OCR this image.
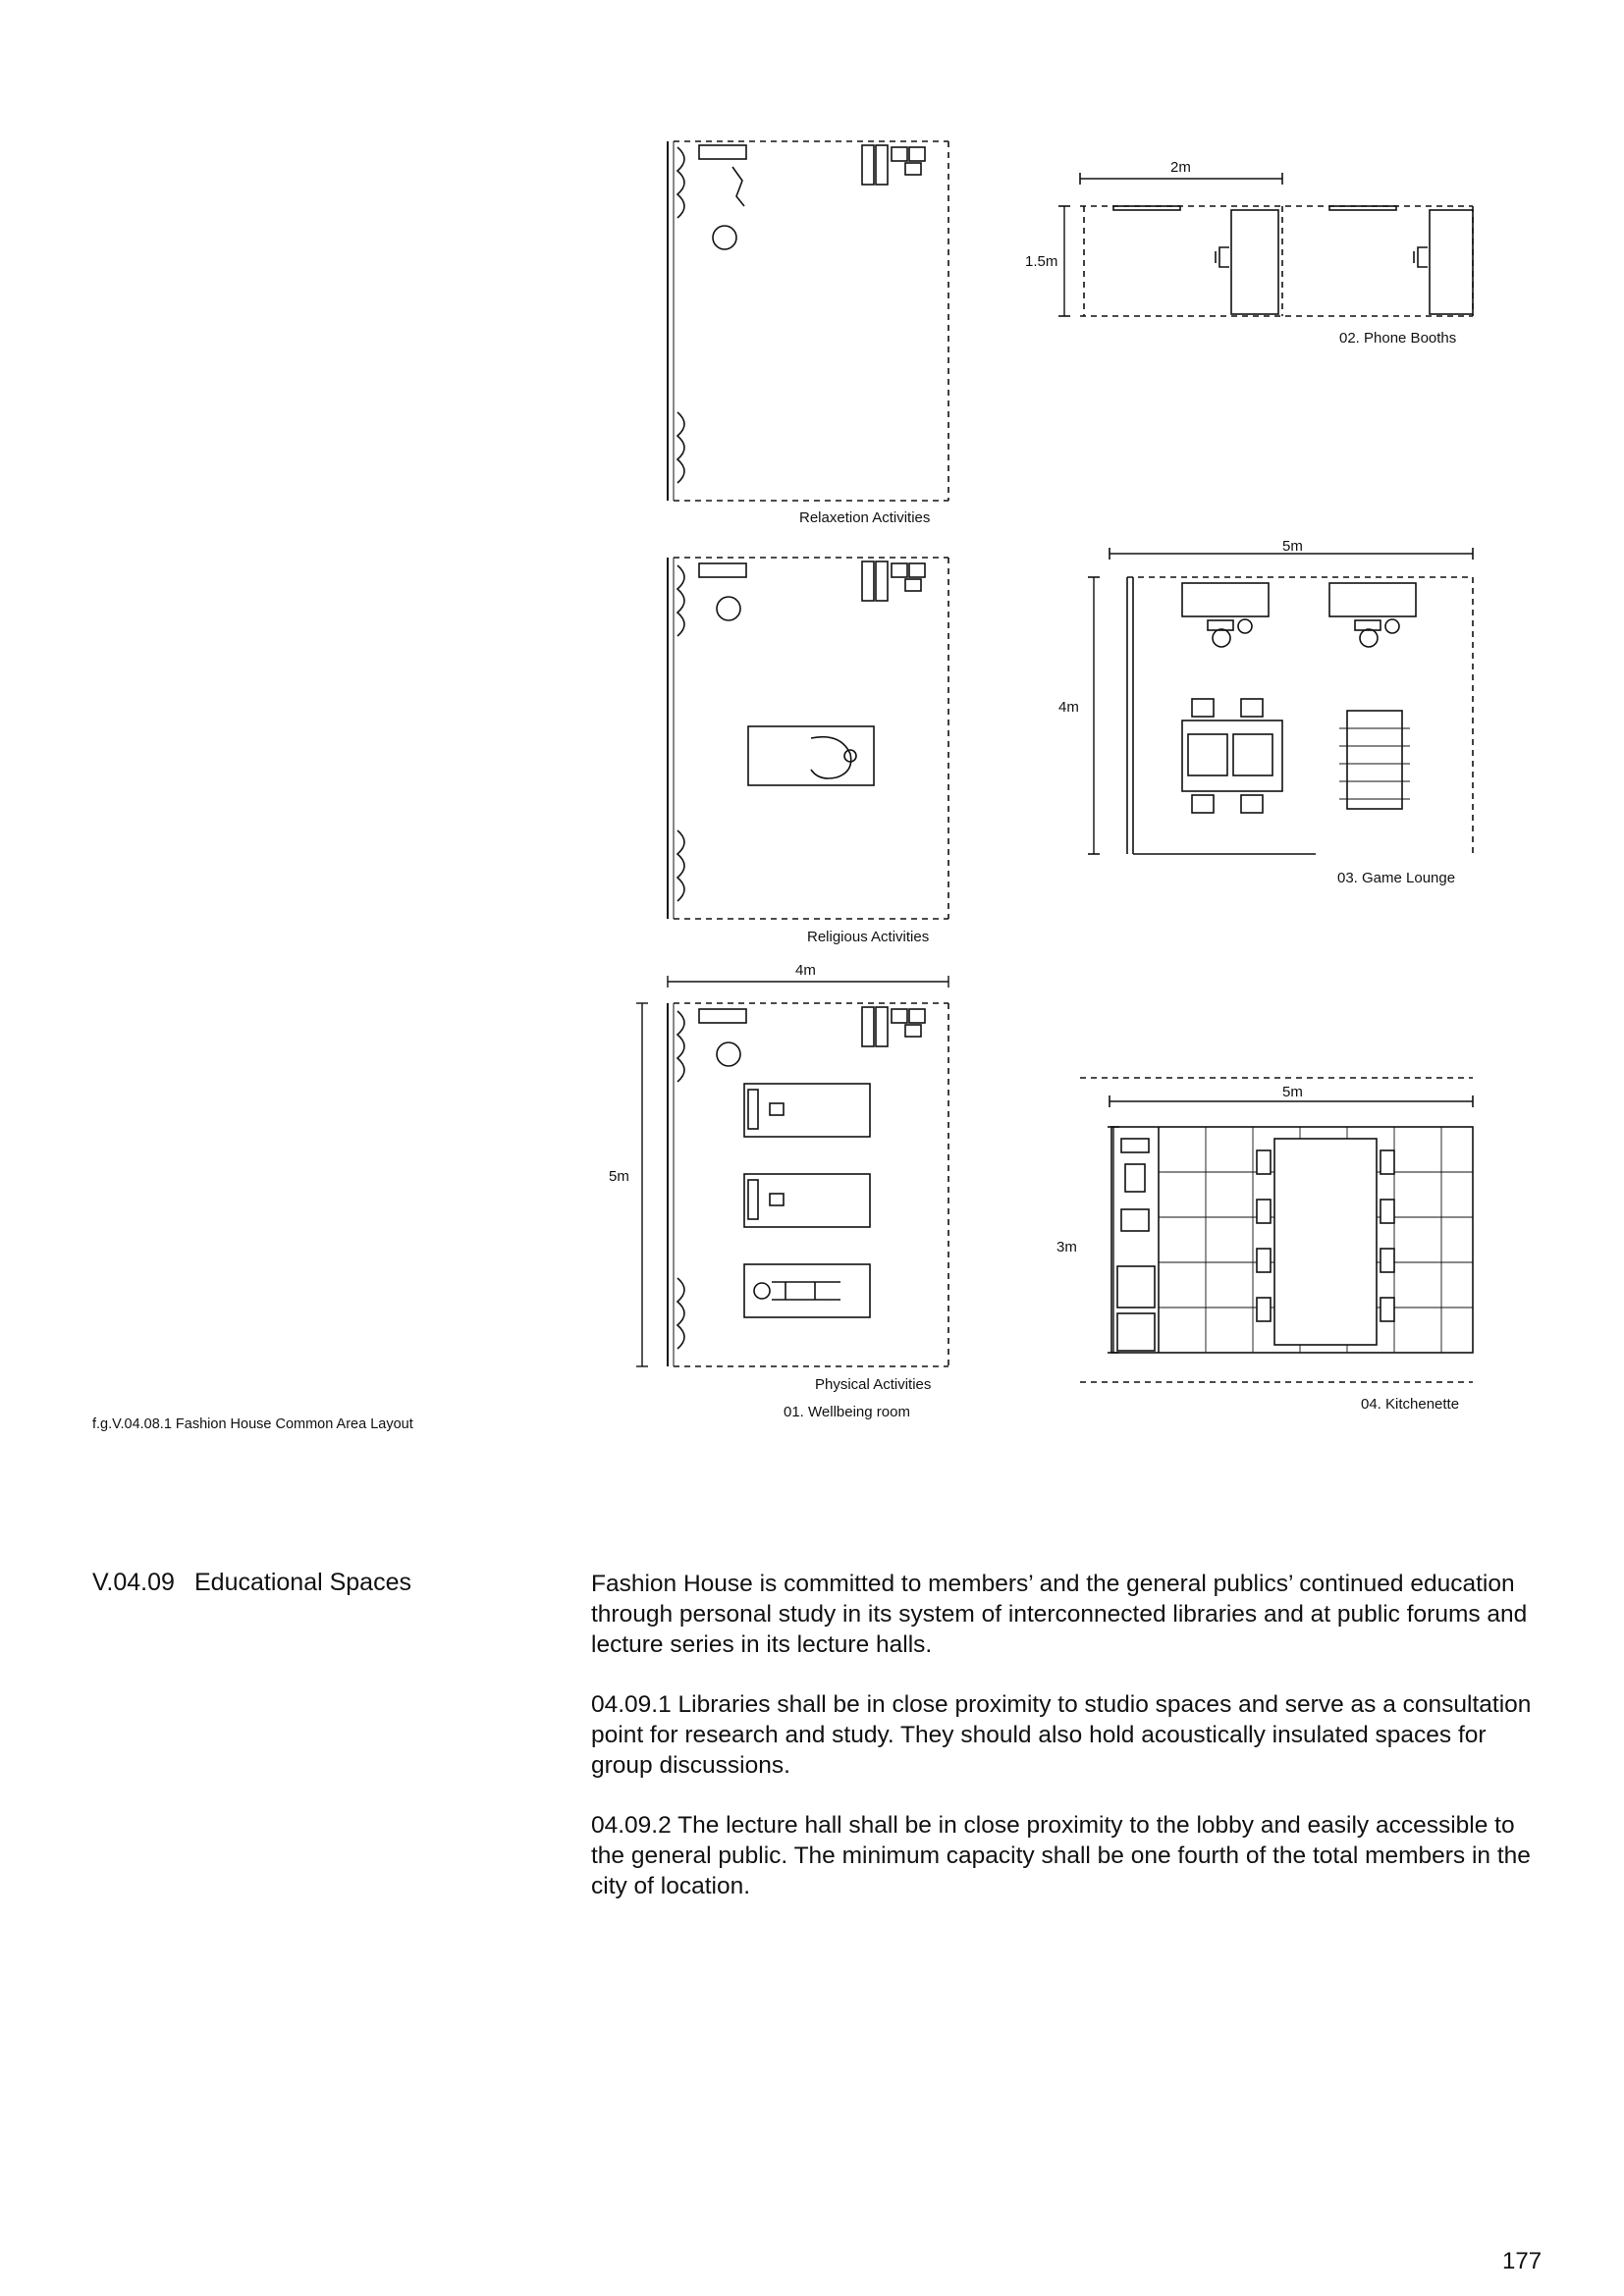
Relaxetion Activities
Religious Activities
Physical Activities
01. Wellbeing room
4m
5m
02. Phone Booths
2m
1.5m
03. Game Lounge
5m
4m
04. Kitchenette
5m
3m
f.g.V.04.08.1 Fashion House Common Area Layout
V.04.09 Educational Spaces	Fashion House is committed to members’ and the general publics’ continued education through personal study in its system of interconnected libraries and at public forums and lecture series in its lecture halls.
04.09.1 Libraries shall be in close proximity to studio spaces and serve as a consultation point for research and study. They should also hold acoustically insulated spaces for group discussions.
04.09.2 The lecture hall shall be in close proximity to the lobby and easily accessible to the general public. The minimum capacity shall be one fourth of the total members in the city of location.
177
